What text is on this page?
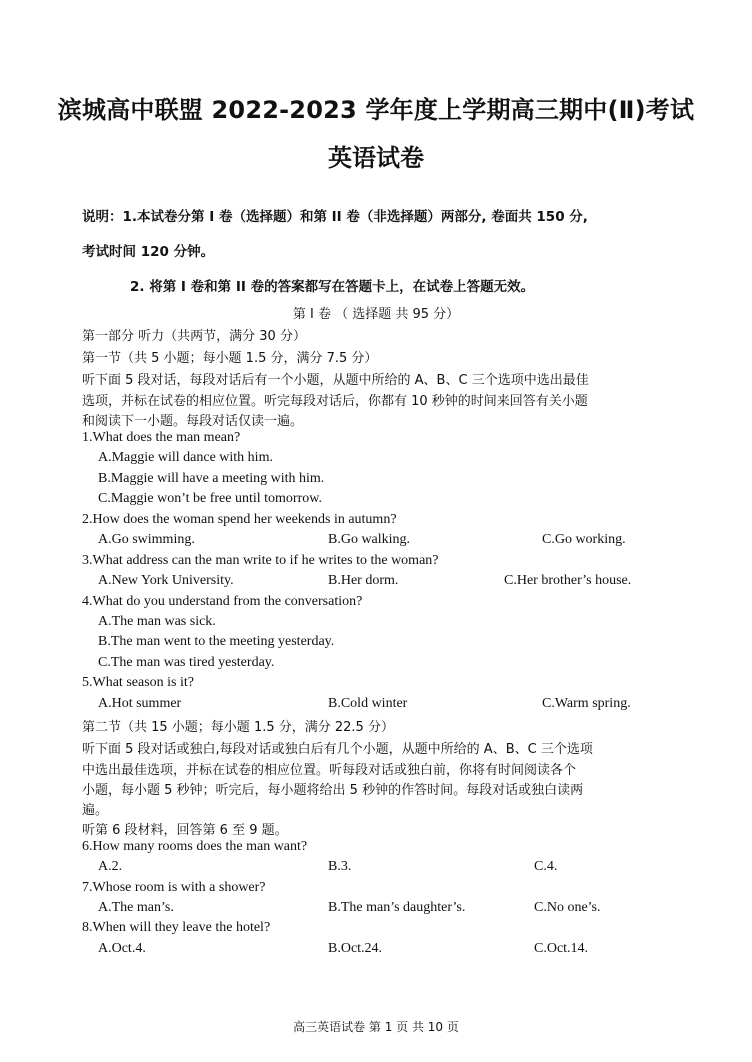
滨城高中联盟 2022-2023 学年度上学期高三期中(Ⅱ)考试
英语试卷
说明：1.本试卷分第 I 卷（选择题）和第 II 卷（非选择题）两部分, 卷面共 150 分,
考试时间 120 分钟。
2. 将第 I 卷和第 II 卷的答案都写在答题卡上，在试卷上答题无效。
第 I 卷 （ 选择题 共 95 分）
第一部分 听力（共两节，满分 30 分）
第一节（共 5 小题；每小题 1.5 分，满分 7.5 分）
听下面 5 段对话，每段对话后有一个小题，从题中所给的 A、B、C 三个选项中选出最佳
选项，并标在试卷的相应位置。听完每段对话后，你都有 10 秒钟的时间来回答有关小题
和阅读下一小题。每段对话仅读一遍。
1.What does the man mean?
A.Maggie will dance with him.
B.Maggie will have a meeting with him.
C.Maggie won’t be free until tomorrow.
2.How does the woman spend her weekends in autumn?
A.Go swimming.	B.Go walking.	C.Go working.
3.What address can the man write to if he writes to the woman?
A.New York University.	B.Her dorm.	C.Her brother’s house.
4.What do you understand from the conversation?
A.The man was sick.
B.The man went to the meeting yesterday.
C.The man was tired yesterday.
5.What season is it?
A.Hot summer	B.Cold winter	C.Warm spring.
第二节（共 15 小题；每小题 1.5 分，满分 22.5 分）
听下面 5 段对话或独白,每段对话或独白后有几个小题，从题中所给的 A、B、C 三个选项
中选出最佳选项，并标在试卷的相应位置。听每段对话或独白前，你将有时间阅读各个
小题，每小题 5 秒钟；听完后，每小题将给出 5 秒钟的作答时间。每段对话或独白读两
遍。
听第 6 段材料，回答第 6 至 9 题。
6.How many rooms does the man want?
A.2.	B.3.	C.4.
7.Whose room is with a shower?
A.The man’s.	B.The man’s daughter’s.	C.No one’s.
8.When will they leave the hotel?
A.Oct.4.	B.Oct.24.	C.Oct.14.
高三英语试卷 第 1 页 共 10 页
